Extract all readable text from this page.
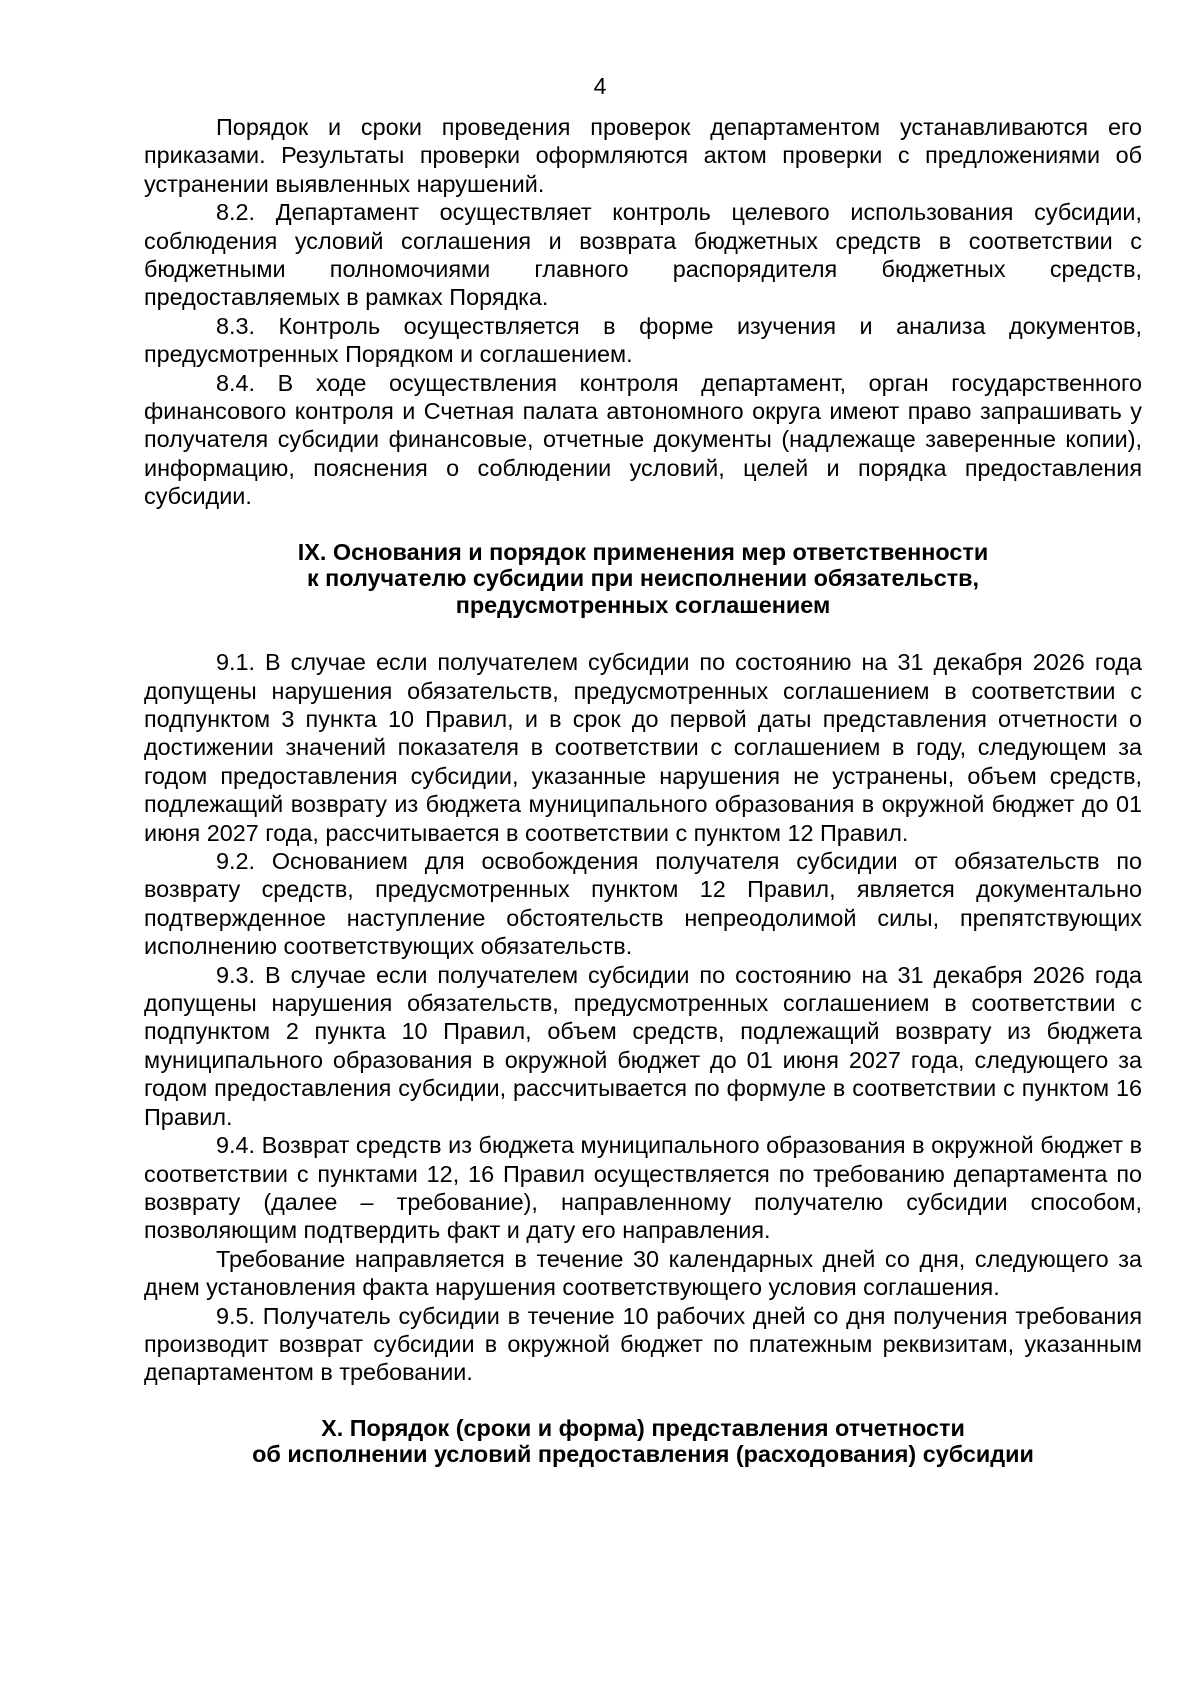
4

Порядок и сроки проведения проверок департаментом устанавливаются его приказами. Результаты проверки оформляются актом проверки с предложениями об устранении выявленных нарушений.

8.2. Департамент осуществляет контроль целевого использования субсидии, соблюдения условий соглашения и возврата бюджетных средств в соответствии с бюджетными полномочиями главного распорядителя бюджетных средств, предоставляемых в рамках Порядка.

8.3. Контроль осуществляется в форме изучения и анализа документов, предусмотренных Порядком и соглашением.

8.4. В ходе осуществления контроля департамент, орган государственного финансового контроля и Счетная палата автономного округа имеют право запрашивать у получателя субсидии финансовые, отчетные документы (надлежаще заверенные копии), информацию, пояснения о соблюдении условий, целей и порядка предоставления субсидии.

IX. Основания и порядок применения мер ответственности
к получателю субсидии при неисполнении обязательств,
предусмотренных соглашением

9.1. В случае если получателем субсидии по состоянию на 31 декабря 2026 года допущены нарушения обязательств, предусмотренных соглашением в соответствии с подпунктом 3 пункта 10 Правил, и в срок до первой даты представления отчетности о достижении значений показателя в соответствии с соглашением в году, следующем за годом предоставления субсидии, указанные нарушения не устранены, объем средств, подлежащий возврату из бюджета муниципального образования в окружной бюджет до 01 июня 2027 года, рассчитывается в соответствии с пунктом 12 Правил.

9.2. Основанием для освобождения получателя субсидии от обязательств по возврату средств, предусмотренных пунктом 12 Правил, является документально подтвержденное наступление обстоятельств непреодолимой силы, препятствующих исполнению соответствующих обязательств.

9.3. В случае если получателем субсидии по состоянию на 31 декабря 2026 года допущены нарушения обязательств, предусмотренных соглашением в соответствии с подпунктом 2 пункта 10 Правил, объем средств, подлежащий возврату из бюджета муниципального образования в окружной бюджет до 01 июня 2027 года, следующего за годом предоставления субсидии, рассчитывается по формуле в соответствии с пунктом 16 Правил.

9.4. Возврат средств из бюджета муниципального образования в окружной бюджет в соответствии с пунктами 12, 16 Правил осуществляется по требованию департамента по возврату (далее – требование), направленному получателю субсидии способом, позволяющим подтвердить факт и дату его направления.

Требование направляется в течение 30 календарных дней со дня, следующего за днем установления факта нарушения соответствующего условия соглашения.

9.5. Получатель субсидии в течение 10 рабочих дней со дня получения требования производит возврат субсидии в окружной бюджет по платежным реквизитам, указанным департаментом в требовании.

X. Порядок (сроки и форма) представления отчетности
об исполнении условий предоставления (расходования) субсидии
